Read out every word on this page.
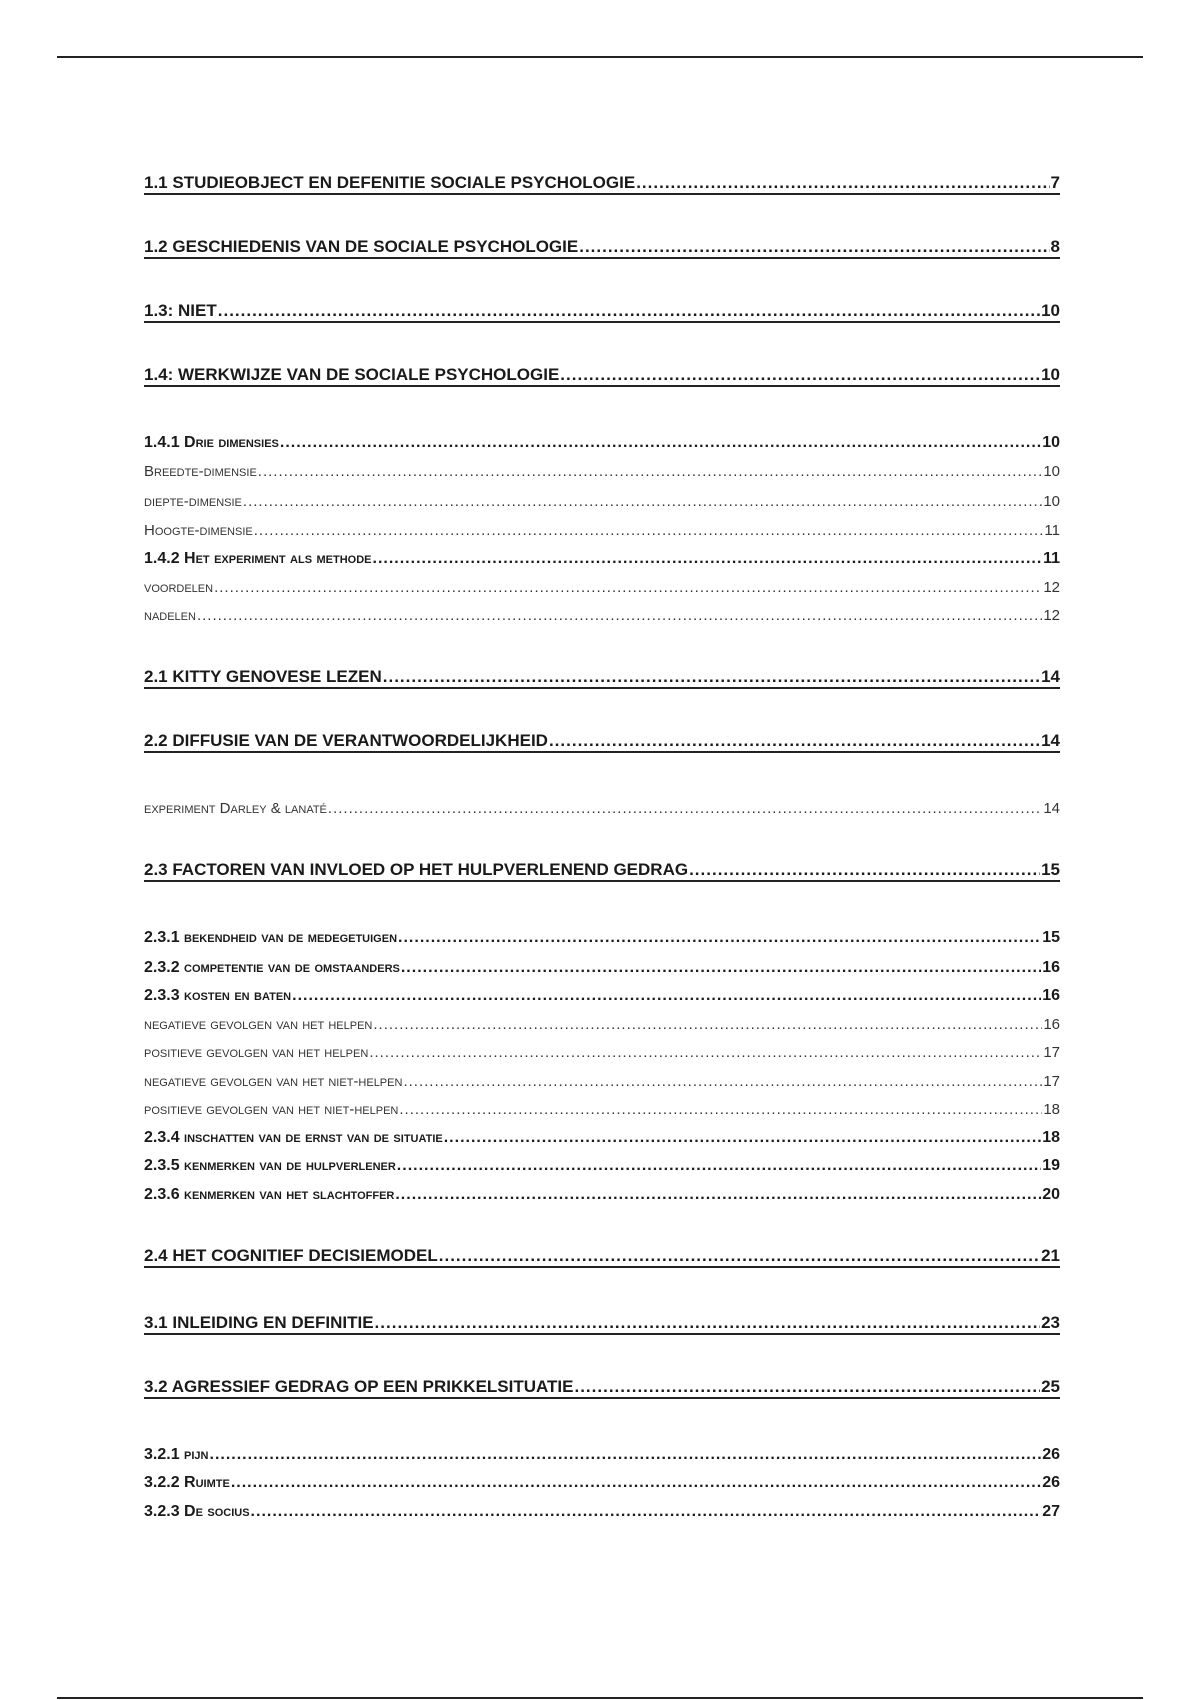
1.1 STUDIEOBJECT EN DEFENITIE SOCIALE PSYCHOLOGIE .....	7
1.2 GESCHIEDENIS VAN DE SOCIALE PSYCHOLOGIE .....	8
1.3: NIET .....	10
1.4: WERKWIJZE VAN DE SOCIALE PSYCHOLOGIE .....	10
1.4.1 Drie dimensies .....	10
Breedte-dimensie .....	10
diepte-dimensie .....	10
Hoogte-dimensie .....	11
1.4.2 Het experiment als methode .....	11
voordelen .....	12
nadelen .....	12
2.1 KITTY GENOVESE LEZEN .....	14
2.2 DIFFUSIE VAN DE VERANTWOORDELIJKHEID .....	14
experiment Darley & lanaté .....	14
2.3 FACTOREN VAN INVLOED OP HET HULPVERLENEND GEDRAG .....	15
2.3.1 bekendheid van de medegetuigen .....	15
2.3.2 competentie van de omstaanders .....	16
2.3.3 kosten en baten .....	16
negatieve gevolgen van het helpen .....	16
positieve gevolgen van het helpen .....	17
negatieve gevolgen van het niet-helpen .....	17
positieve gevolgen van het niet-helpen .....	18
2.3.4 inschatten van de ernst van de situatie .....	18
2.3.5 kenmerken van de hulpverlener .....	19
2.3.6 kenmerken van het slachtoffer .....	20
2.4 HET COGNITIEF DECISIEMODEL .....	21
3.1 INLEIDING EN DEFINITIE .....	23
3.2 AGRESSIEF GEDRAG OP EEN PRIKKELSITUATIE .....	25
3.2.1 pijn .....	26
3.2.2 Ruimte .....	26
3.2.3 De socius .....	27
